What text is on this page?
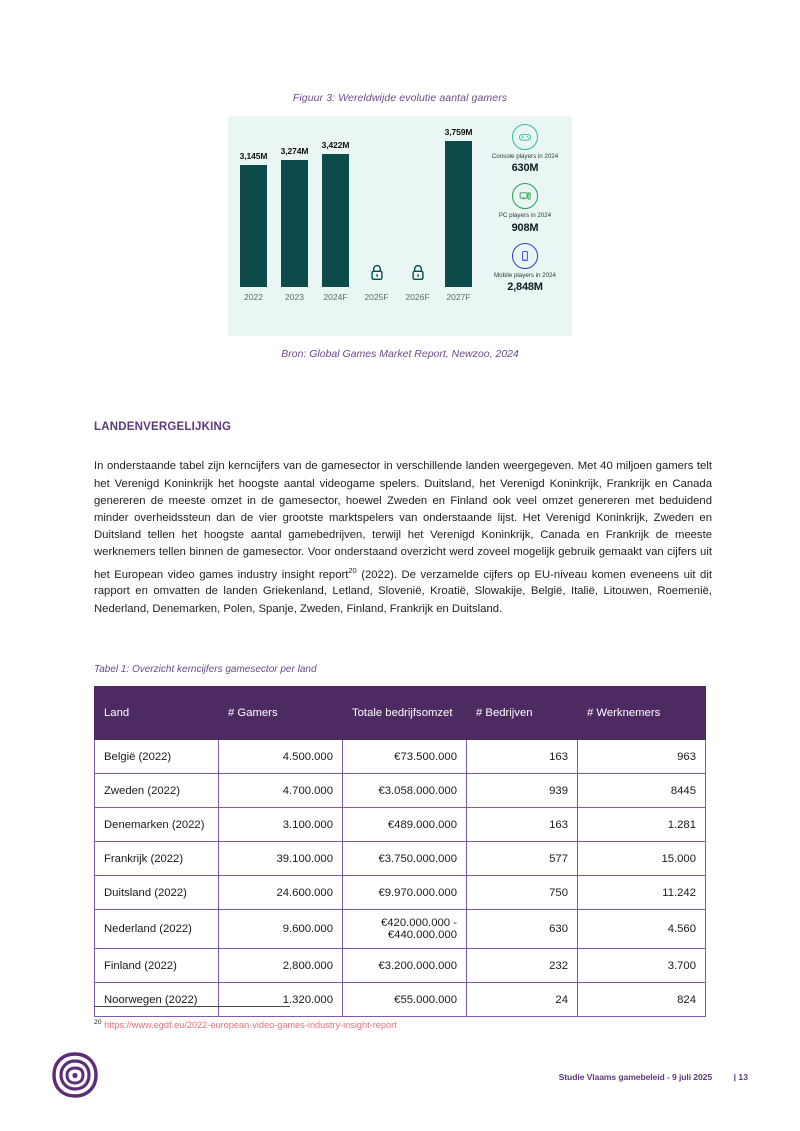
Figuur 3: Wereldwijde evolutie aantal gamers
3,145M
2022
3,274M
2023
3,422M
2024F 2025F 2026F
3,759M
2027F
Console players in 2024
630M
PC players in 2024
908M
Mobile players in 2024
2,848M
Bron: Global Games Market Report, Newzoo, 2024
LANDENVERGELIJKING

In onderstaande tabel zijn kerncijfers van de gamesector in verschillende landen weergegeven. Met 40 miljoen gamers telt het Verenigd Koninkrijk het hoogste aantal videogame spelers. Duitsland, het Verenigd Koninkrijk, Frankrijk en Canada genereren de meeste omzet in de gamesector, hoewel Zweden en Finland ook veel omzet genereren met beduidend minder overheidssteun dan de vier grootste marktspelers van onderstaande lijst. Het Verenigd Koninkrijk, Zweden en Duitsland tellen het hoogste aantal gamebedrijven, terwijl het Verenigd Koninkrijk, Canada en Frankrijk de meeste werknemers tellen binnen de gamesector. Voor onderstaand overzicht werd zoveel mogelijk gebruik gemaakt van cijfers uit het European video games industry insight report$^{20}$ (2022). De verzamelde cijfers op EU-niveau komen eveneens uit dit rapport en omvatten de landen Griekenland, Letland, Slovenië, Kroatië, Slowakije, België, Italië, Litouwen, Roemenië, Nederland, Denemarken, Polen, Spanje, Zweden, Finland, Frankrijk en Duitsland.

Tabel 1: Overzicht kerncijfers gamesector per land
Land	# Gamers	Totale bedrijfsomzet	# Bedrijven	# Werknemers
België (2022)	4.500.000	€73.500.000	163	963
Zweden (2022)	4.700.000	€3.058.000.000	939	8445
Denemarken (2022)	3.100.000	€489.000.000	163	1.281
Frankrijk (2022)	39.100.000	€3.750.000.000	577	15.000
Duitsland (2022)	24.600.000	€9.970.000.000	750	11.242
Nederland (2022)	9.600.000	€420.000.000 - €440.000.000	630	4.560
Finland (2022)	2.800.000	€3.200.000.000	232	3.700
Noorwegen (2022)	1.320.000	€55.000.000	24	824
$^{20}$ https://www.egdf.eu/2022-european-video-games-industry-insight-report
Studie Vlaams gamebeleid - 9 juli 2025	| 13
